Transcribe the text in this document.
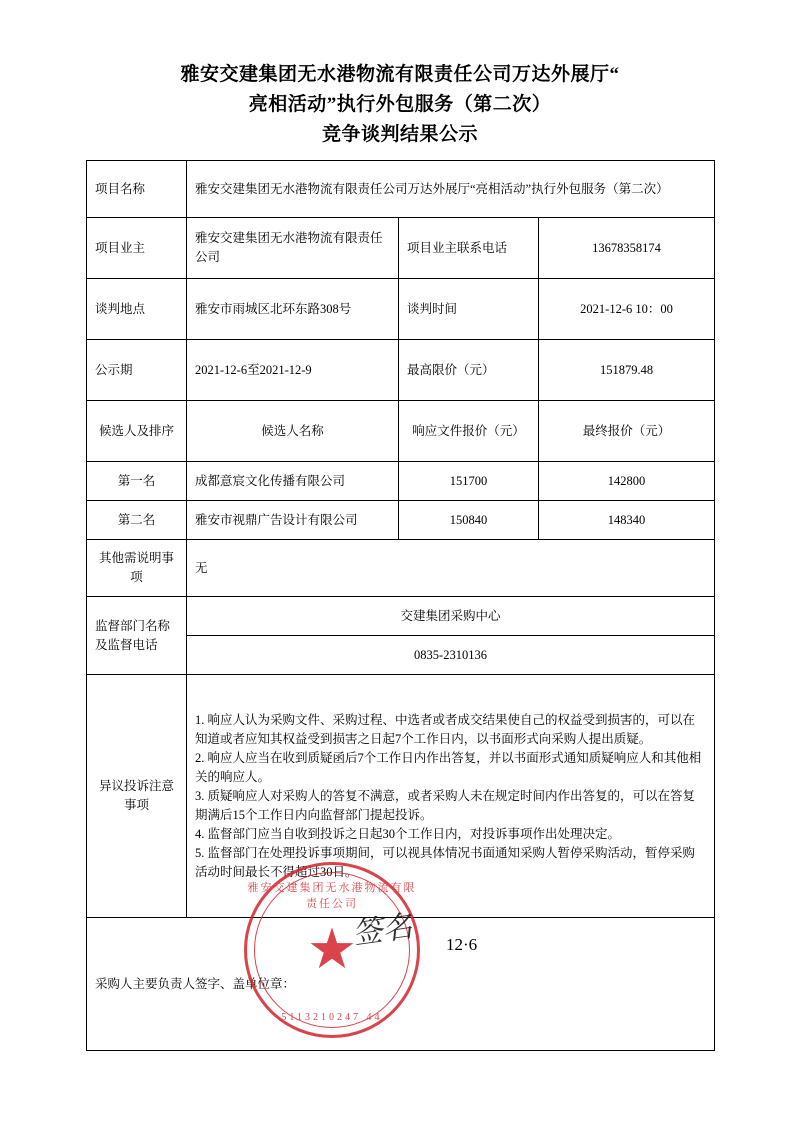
雅安交建集团无水港物流有限责任公司万达外展厅“
亮相活动”执行外包服务（第二次）
竞争谈判结果公示
项目名称	雅安交建集团无水港物流有限责任公司万达外展厅“亮相活动”执行外包服务（第二次）		
项目业主	雅安交建集团无水港物流有限责任公司	项目业主联系电话	13678358174
谈判地点	雅安市雨城区北环东路308号	谈判时间	2021-12-6 10：00
公示期	2021-12-6至2021-12-9	最高限价（元）	151879.48
候选人及排序	候选人名称	响应文件报价（元）	最终报价（元）
第一名	成都意宸文化传播有限公司	151700	142800
第二名	雅安市视鼎广告设计有限公司	150840	148340
其他需说明事项	无		
监督部门名称及监督电话	交建集团采购中心		
	0835-2310136		
异议投诉注意事项	1. 响应人认为采购文件、采购过程、中选者或者成交结果使自己的权益受到损害的，可以在知道或者应知其权益受到损害之日起7个工作日内，以书面形式向采购人提出质疑。

2. 响应人应当在收到质疑函后7个工作日内作出答复，并以书面形式通知质疑响应人和其他相关的响应人。

3. 质疑响应人对采购人的答复不满意，或者采购人未在规定时间内作出答复的，可以在答复期满后15个工作日内向监督部门提起投诉。

4. 监督部门应当自收到投诉之日起30个工作日内，对投诉事项作出处理决定。

5. 监督部门在处理投诉事项期间，可以视具体情况书面通知采购人暂停采购活动，暂停采购活动时间最长不得超过30日。		

采购人主要负责人签字、盖单位章：			
雅安交建集团无水港物流有限责任公司
★
5113210247 44
签名 12·6
